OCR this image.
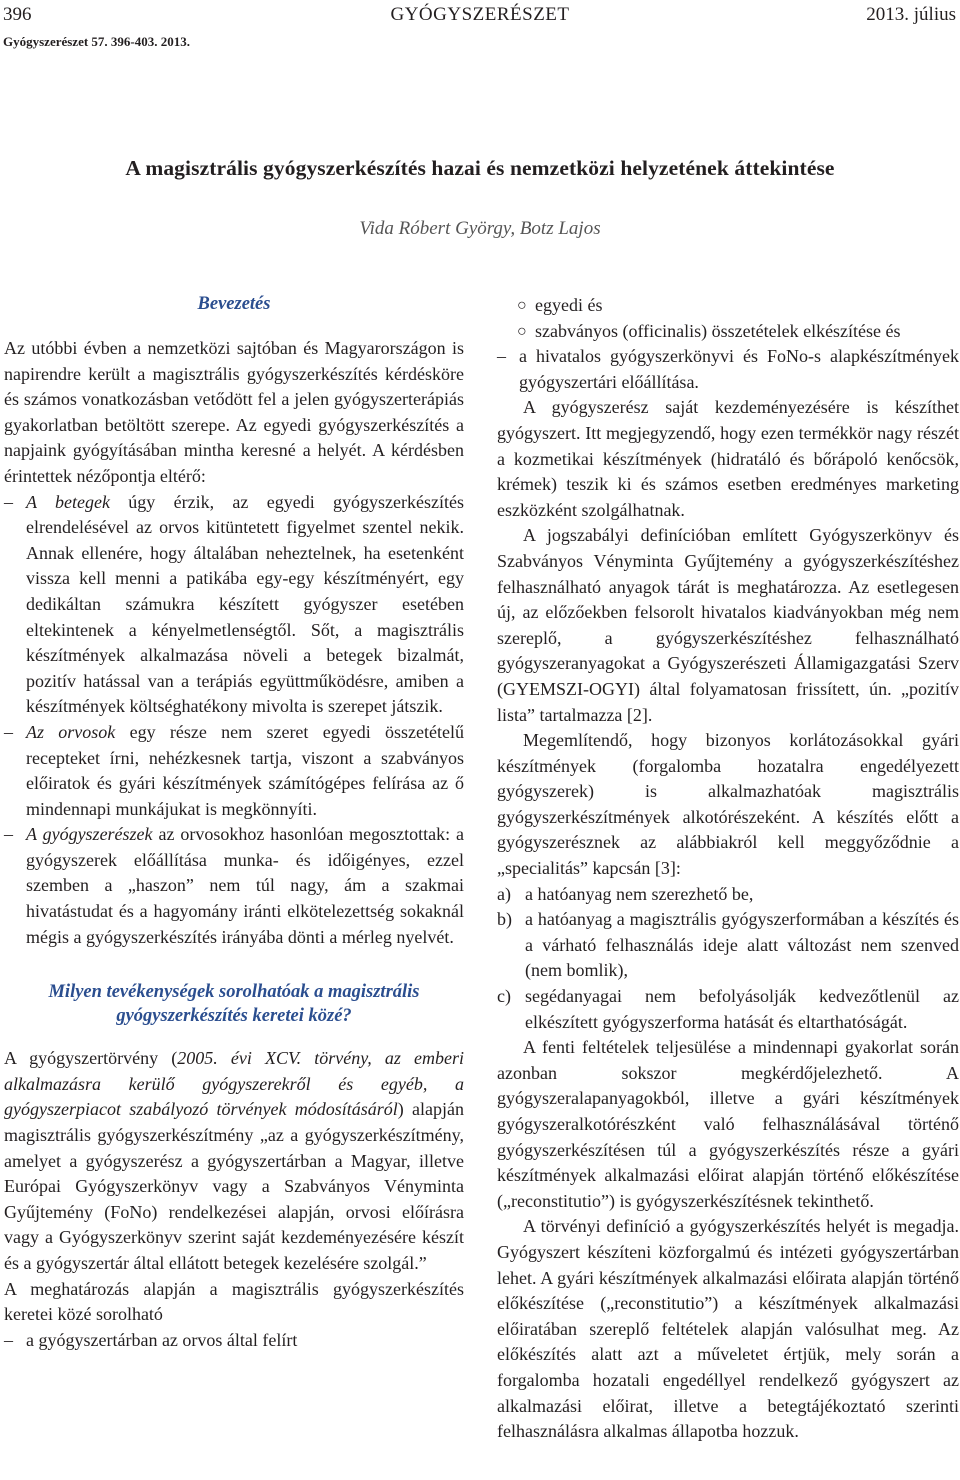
396	GYÓGYSZERÉSZET	2013. július
Gyógyszerészet 57. 396-403. 2013.
A magisztrális gyógyszerkészítés hazai és nemzetközi helyzetének áttekintése
Vida Róbert György, Botz Lajos
Bevezetés

Az utóbbi évben a nemzetközi sajtóban és Magyarországon is napirendre került a magisztrális gyógyszerkészítés kérdésköre és számos vonatkozásban vetődött fel a jelen gyógyszerterápiás gyakorlatban betöltött szerepe. Az egyedi gyógyszerkészítés a napjaink gyógyításában mintha keresné a helyét. A kérdésben érintettek nézőpontja eltérő:

– A betegek úgy érzik, az egyedi gyógyszerkészítés elrendelésével az orvos kitüntetett figyelmet szentel nekik. Annak ellenére, hogy általában neheztelnek, ha esetenként vissza kell menni a patikába egy-egy készítményért, egy dedikáltan számukra készített gyógyszer esetében eltekintenek a kényelmetlenségtől. Sőt, a magisztrális készítmények alkalmazása növeli a betegek bizalmát, pozitív hatással van a terápiás együttműködésre, amiben a készítmények költséghatékony mivolta is szerepet játszik.

– Az orvosok egy része nem szeret egyedi összetételű recepteket írni, nehézkesnek tartja, viszont a szabványos előiratok és gyári készítmények számítógépes felírása az ő mindennapi munkájukat is megkönnyíti.

– A gyógyszerészek az orvosokhoz hasonlóan megosztottak: a gyógyszerek előállítása munka- és időigényes, ezzel szemben a „haszon” nem túl nagy, ám a szakmai hivatástudat és a hagyomány iránti elkötelezettség sokaknál mégis a gyógyszerkészítés irányába dönti a mérleg nyelvét.

Milyen tevékenységek sorolhatóak a magisztrális gyógyszerkészítés keretei közé?

A gyógyszertörvény (2005. évi XCV. törvény, az emberi alkalmazásra kerülő gyógyszerekről és egyéb, a gyógyszerpiacot szabályozó törvények módosításáról) alapján magisztrális gyógyszerkészítmény „az a gyógyszerkészítmény, amelyet a gyógyszerész a gyógyszertárban a Magyar, illetve Európai Gyógyszerkönyv vagy a Szabványos Vényminta Gyűjtemény (FoNo) rendelkezései alapján, orvosi előírásra vagy a Gyógyszerkönyv szerint saját kezdeményezésére készít és a gyógyszertár által ellátott betegek kezelésére szolgál.”

A meghatározás alapján a magisztrális gyógyszerkészítés keretei közé sorolható

– a gyógyszertárban az orvos által felírt

○ egyedi és

○ szabványos (officinalis) összetételek elkészítése és

– a hivatalos gyógyszerkönyvi és FoNo-s alapkészítmények gyógyszertári előállítása.

A gyógyszerész saját kezdeményezésére is készíthet gyógyszert. Itt megjegyzendő, hogy ezen termékkör nagy részét a kozmetikai készítmények (hidratáló és bőrápoló kenőcsök, krémek) teszik ki és számos esetben eredményes marketing eszközként szolgálhatnak.

A jogszabályi definícióban említett Gyógyszerkönyv és Szabványos Vényminta Gyűjtemény a gyógyszerkészítéshez felhasználható anyagok tárát is meghatározza. Az esetlegesen új, az előzőekben felsorolt hivatalos kiadványokban még nem szereplő, a gyógyszerkészítéshez felhasználható gyógyszeranyagokat a Gyógyszerészeti Államigazgatási Szerv (GYEMSZI-OGYI) által folyamatosan frissített, ún. „pozitív lista” tartalmazza [2].

Megemlítendő, hogy bizonyos korlátozásokkal gyári készítmények (forgalomba hozatalra engedélyezett gyógyszerek) is alkalmazhatóak magisztrális gyógyszerkészítmények alkotórészeként. A készítés előtt a gyógyszerésznek az alábbiakról kell meggyőződnie a „specialitás” kapcsán [3]:

a) a hatóanyag nem szerezhető be,

b) a hatóanyag a magisztrális gyógyszerformában a készítés és a várható felhasználás ideje alatt változást nem szenved (nem bomlik),

c) segédanyagai nem befolyásolják kedvezőtlenül az elkészített gyógyszerforma hatását és eltarthatóságát.

A fenti feltételek teljesülése a mindennapi gyakorlat során azonban sokszor megkérdőjelezhető. A gyógyszeralapanyagokból, illetve a gyári készítmények gyógyszeralkotórészként való felhasználásával történő gyógyszerkészítésen túl a gyógyszerkészítés része a gyári készítmények alkalmazási előirat alapján történő előkészítése („reconstitutio”) is gyógyszerkészítésnek tekinthető.

A törvényi definíció a gyógyszerkészítés helyét is megadja. Gyógyszert készíteni közforgalmú és intézeti gyógyszertárban lehet. A gyári készítmények alkalmazási előirata alapján történő előkészítése („reconstitutio”) a készítmények alkalmazási előiratában szereplő feltételek alapján valósulhat meg. Az előkészítés alatt azt a műveletet értjük, mely során a forgalomba hozatali engedéllyel rendelkező gyógyszert az alkalmazási előirat, illetve a betegtájékoztató szerinti felhasználásra alkalmas állapotba hozzuk.
